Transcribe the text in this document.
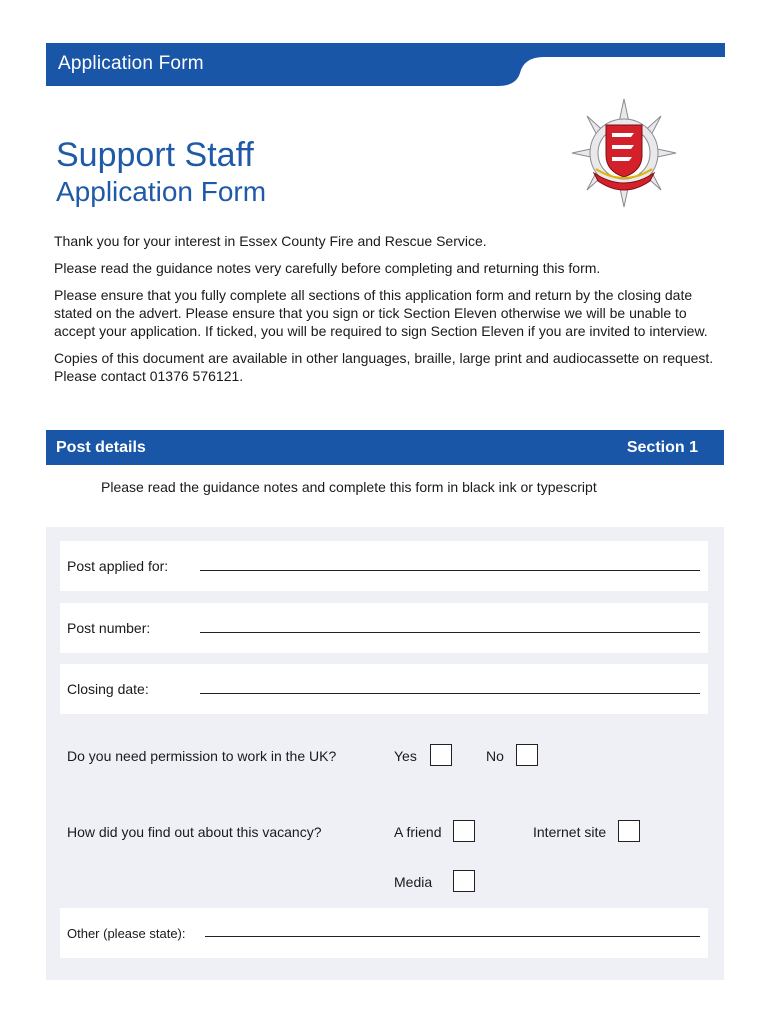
Application Form
Support Staff
Application Form

Thank you for your interest in Essex County Fire and Rescue Service.

Please read the guidance notes very carefully before completing and returning this form.

Please ensure that you fully complete all sections of this application form and return by the closing date stated on the advert. Please ensure that you sign or tick Section Eleven otherwise we will be unable to accept your application. If ticked, you will be required to sign Section Eleven if you are invited to interview.

Copies of this document are available in other languages, braille, large print and audiocassette on request. Please contact 01376 576121.

Post details	Section 1
Please read the guidance notes and complete this form in black ink or typescript
Post applied for:
Post number:
Closing date:
Do you need permission to work in the UK?	Yes	No
How did you find out about this vacancy?	A friend	Internet site
Media
Other (please state):
